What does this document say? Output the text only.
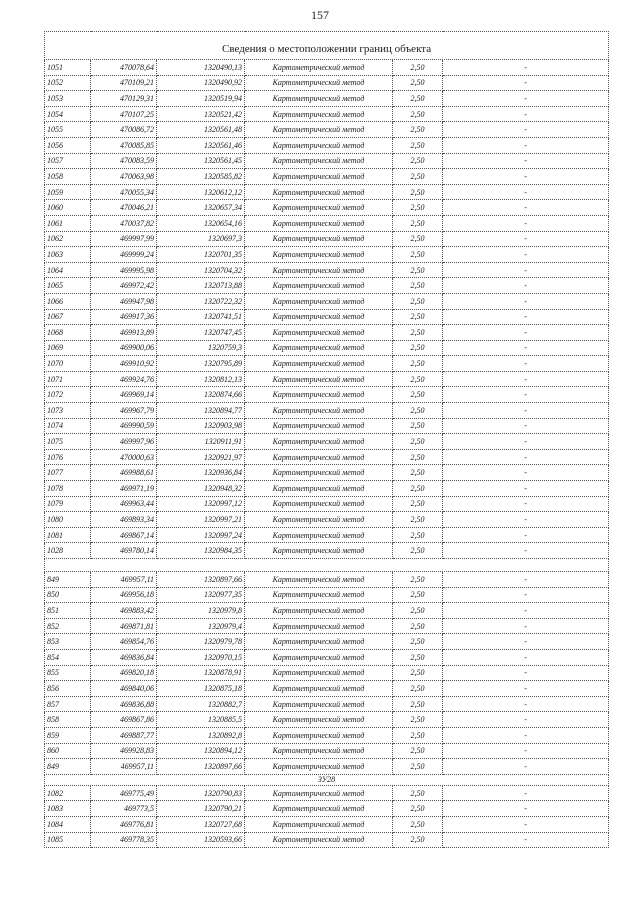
157
Сведения о местоположении границ объекта					
1051	470078,64	1320490,13	Картометрический метод	2,50	-
1052	470109,21	1320490,92	Картометрический метод	2,50	-
1053	470129,31	1320519,94	Картометрический метод	2,50	-
1054	470107,25	1320521,42	Картометрический метод	2,50	-
1055	470086,72	1320561,48	Картометрический метод	2,50	-
1056	470085,85	1320561,46	Картометрический метод	2,50	-
1057	470083,59	1320561,45	Картометрический метод	2,50	-
1058	470063,98	1320585,82	Картометрический метод	2,50	-
1059	470055,34	1320612,12	Картометрический метод	2,50	-
1060	470046,21	1320657,34	Картометрический метод	2,50	-
1061	470037,82	1320654,16	Картометрический метод	2,50	-
1062	469997,99	1320697,3	Картометрический метод	2,50	-
1063	469999,24	1320701,35	Картометрический метод	2,50	-
1064	469995,98	1320704,32	Картометрический метод	2,50	-
1065	469972,42	1320713,88	Картометрический метод	2,50	-
1066	469947,98	1320722,32	Картометрический метод	2,50	-
1067	469917,36	1320741,51	Картометрический метод	2,50	-
1068	469913,89	1320747,45	Картометрический метод	2,50	-
1069	469900,06	1320759,3	Картометрический метод	2,50	-
1070	469910,92	1320795,89	Картометрический метод	2,50	-
1071	469924,76	1320812,13	Картометрический метод	2,50	-
1072	469969,14	1320874,66	Картометрический метод	2,50	-
1073	469967,79	1320894,77	Картометрический метод	2,50	-
1074	469990,59	1320903,98	Картометрический метод	2,50	-
1075	469997,96	1320911,91	Картометрический метод	2,50	-
1076	470000,63	1320921,97	Картометрический метод	2,50	-
1077	469988,61	1320936,84	Картометрический метод	2,50	-
1078	469971,19	1320948,32	Картометрический метод	2,50	-
1079	469963,44	1320997,12	Картометрический метод	2,50	-
1080	469893,34	1320997,21	Картометрический метод	2,50	-
1081	469867,14	1320997,24	Картометрический метод	2,50	-
1028	469780,14	1320984,35	Картометрический метод	2,50	-

849	469957,11	1320897,66	Картометрический метод	2,50	-
850	469956,18	1320977,35	Картометрический метод	2,50	-
851	469883,42	1320979,8	Картометрический метод	2,50	-
852	469871,81	1320979,4	Картометрический метод	2,50	-
853	469854,76	1320979,78	Картометрический метод	2,50	-
854	469836,84	1320970,15	Картометрический метод	2,50	-
855	469820,18	1320878,91	Картометрический метод	2,50	-
856	469840,06	1320875,18	Картометрический метод	2,50	-
857	469836,88	1320882,7	Картометрический метод	2,50	-
858	469867,86	1320885,5	Картометрический метод	2,50	-
859	469887,77	1320892,8	Картометрический метод	2,50	-
860	469928,83	1320894,12	Картометрический метод	2,50	-
849	469957,11	1320897,66	Картометрический метод	2,50	-
ЗУ28					
1082	469775,49	1320790,83	Картометрический метод	2,50	-
1083	469773,5	1320790,21	Картометрический метод	2,50	-
1084	469776,81	1320727,68	Картометрический метод	2,50	-
1085	469778,35	1320593,66	Картометрический метод	2,50	-
